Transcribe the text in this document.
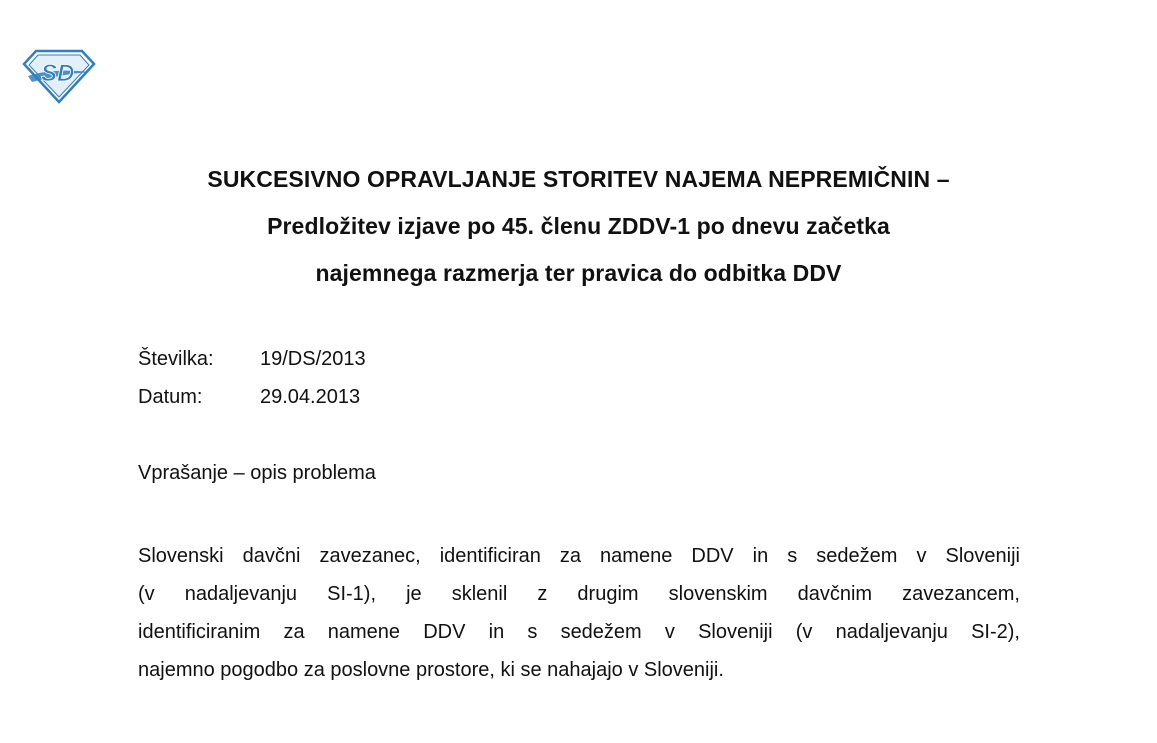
S D
SUKCESIVNO OPRAVLJANJE STORITEV NAJEMA NEPREMIČNIN –
Predložitev izjave po 45. členu ZDDV-1 po dnevu začetka
najemnega razmerja ter pravica do odbitka DDV
Številka:	19/DS/2013
Datum:	29.04.2013
Vprašanje – opis problema
Slovenski davčni zavezanec, identificiran za namene DDV in s sedežem v Sloveniji
(v nadaljevanju SI-1), je sklenil z drugim slovenskim davčnim zavezancem,
identificiranim za namene DDV in s sedežem v Sloveniji (v nadaljevanju SI-2),
najemno pogodbo za poslovne prostore, ki se nahajajo v Sloveniji.
